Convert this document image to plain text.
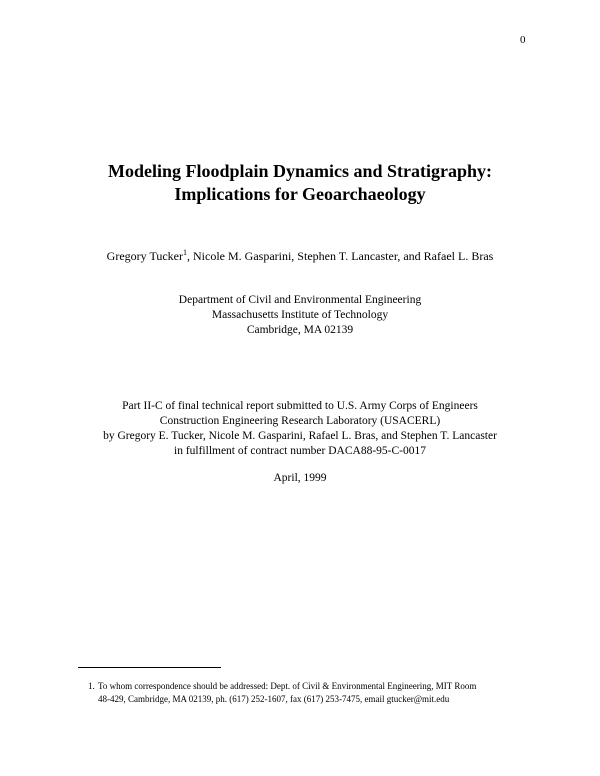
0
Modeling Floodplain Dynamics and Stratigraphy:
Implications for Geoarchaeology
Gregory Tucker$^1$, Nicole M. Gasparini, Stephen T. Lancaster, and Rafael L. Bras
Department of Civil and Environmental Engineering
Massachusetts Institute of Technology
Cambridge, MA 02139
Part II-C of final technical report submitted to U.S. Army Corps of Engineers
Construction Engineering Research Laboratory (USACERL)
by Gregory E. Tucker, Nicole M. Gasparini, Rafael L. Bras, and Stephen T. Lancaster
in fulfillment of contract number DACA88-95-C-0017
April, 1999
1. To whom correspondence should be addressed: Dept. of Civil & Environmental Engineering, MIT Room
48-429, Cambridge, MA 02139, ph. (617) 252-1607, fax (617) 253-7475, email gtucker@mit.edu
